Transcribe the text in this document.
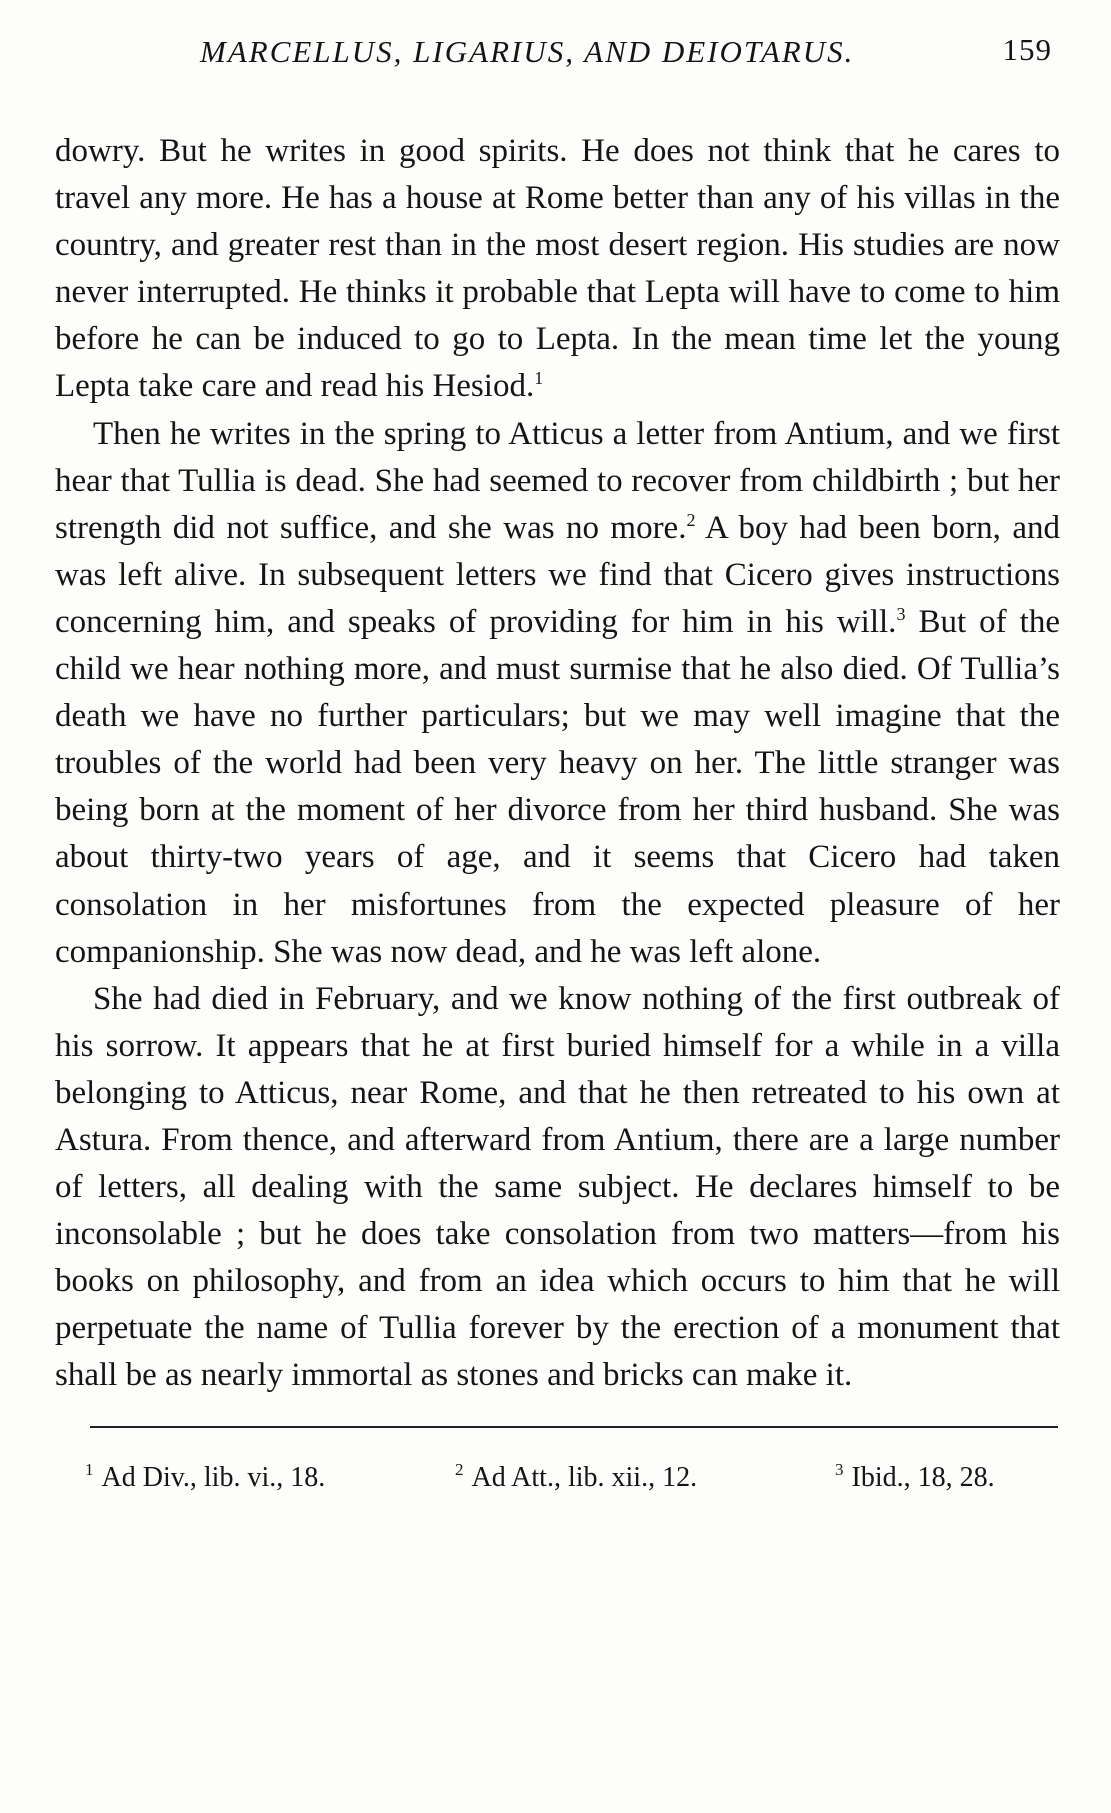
MARCELLUS, LIGARIUS, AND DEIOTARUS.	159

dowry. But he writes in good spirits. He does not think that he cares to travel any more. He has a house at Rome better than any of his villas in the country, and greater rest than in the most desert region. His studies are now never interrupted. He thinks it probable that Lepta will have to come to him before he can be induced to go to Lepta. In the mean time let the young Lepta take care and read his Hesiod.$^1$

Then he writes in the spring to Atticus a letter from Antium, and we first hear that Tullia is dead. She had seemed to recover from childbirth ; but her strength did not suffice, and she was no more.$^2$ A boy had been born, and was left alive. In subsequent letters we find that Cicero gives instructions concerning him, and speaks of providing for him in his will.$^3$ But of the child we hear nothing more, and must surmise that he also died. Of Tullia’s death we have no further particulars; but we may well imagine that the troubles of the world had been very heavy on her. The little stranger was being born at the moment of her divorce from her third husband. She was about thirty-two years of age, and it seems that Cicero had taken consolation in her misfortunes from the expected pleasure of her companionship. She was now dead, and he was left alone.

She had died in February, and we know nothing of the first outbreak of his sorrow. It appears that he at first buried himself for a while in a villa belonging to Atticus, near Rome, and that he then retreated to his own at Astura. From thence, and afterward from Antium, there are a large number of letters, all dealing with the same subject. He declares himself to be inconsolable ; but he does take consolation from two matters—from his books on philosophy, and from an idea which occurs to him that he will perpetuate the name of Tullia forever by the erection of a monument that shall be as nearly immortal as stones and bricks can make it.

$^1$ Ad Div., lib. vi., 18.	$^2$ Ad Att., lib. xii., 12.	$^3$ Ibid., 18, 28.
